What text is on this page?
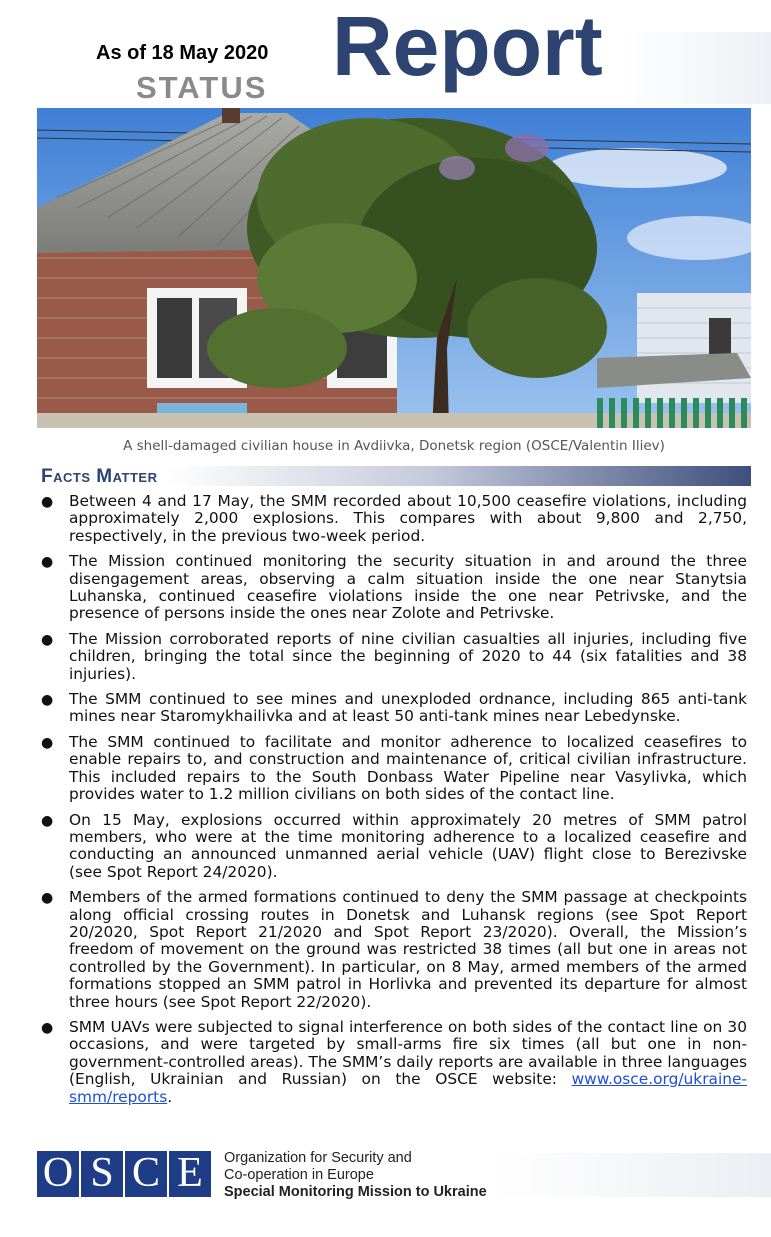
As of 18 May 2020
STATUS Report
A shell-damaged civilian house in Avdiivka, Donetsk region (OSCE/Valentin Iliev)
Facts Matter
● Between 4 and 17 May, the SMM recorded about 10,500 ceasefire violations, including approximately 2,000 explosions. This compares with about 9,800 and 2,750, respectively, in the previous two-week period.
● The Mission continued monitoring the security situation in and around the three disengagement areas, observing a calm situation inside the one near Stanytsia Luhanska, continued ceasefire violations inside the one near Petrivske, and the presence of persons inside the ones near Zolote and Petrivske.
● The Mission corroborated reports of nine civilian casualties all injuries, including five children, bringing the total since the beginning of 2020 to 44 (six fatalities and 38 injuries).
● The SMM continued to see mines and unexploded ordnance, including 865 anti-tank mines near Staromykhailivka and at least 50 anti-tank mines near Lebedynske.
● The SMM continued to facilitate and monitor adherence to localized ceasefires to enable repairs to, and construction and maintenance of, critical civilian infrastructure. This included repairs to the South Donbass Water Pipeline near Vasylivka, which provides water to 1.2 million civilians on both sides of the contact line.
● On 15 May, explosions occurred within approximately 20 metres of SMM patrol members, who were at the time monitoring adherence to a localized ceasefire and conducting an announced unmanned aerial vehicle (UAV) flight close to Berezivske (see Spot Report 24/2020).
● Members of the armed formations continued to deny the SMM passage at checkpoints along official crossing routes in Donetsk and Luhansk regions (see Spot Report 20/2020, Spot Report 21/2020 and Spot Report 23/2020). Overall, the Mission’s freedom of movement on the ground was restricted 38 times (all but one in areas not controlled by the Government). In particular, on 8 May, armed members of the armed formations stopped an SMM patrol in Horlivka and prevented its departure for almost three hours (see Spot Report 22/2020).
● SMM UAVs were subjected to signal interference on both sides of the contact line on 30 occasions, and were targeted by small-arms fire six times (all but one in non-government-controlled areas). The SMM’s daily reports are available in three languages (English, Ukrainian and Russian) on the OSCE website: www.osce.org/ukraine-smm/reports.
O S C E	Organization for Security and
Co-operation in Europe
Special Monitoring Mission to Ukraine
